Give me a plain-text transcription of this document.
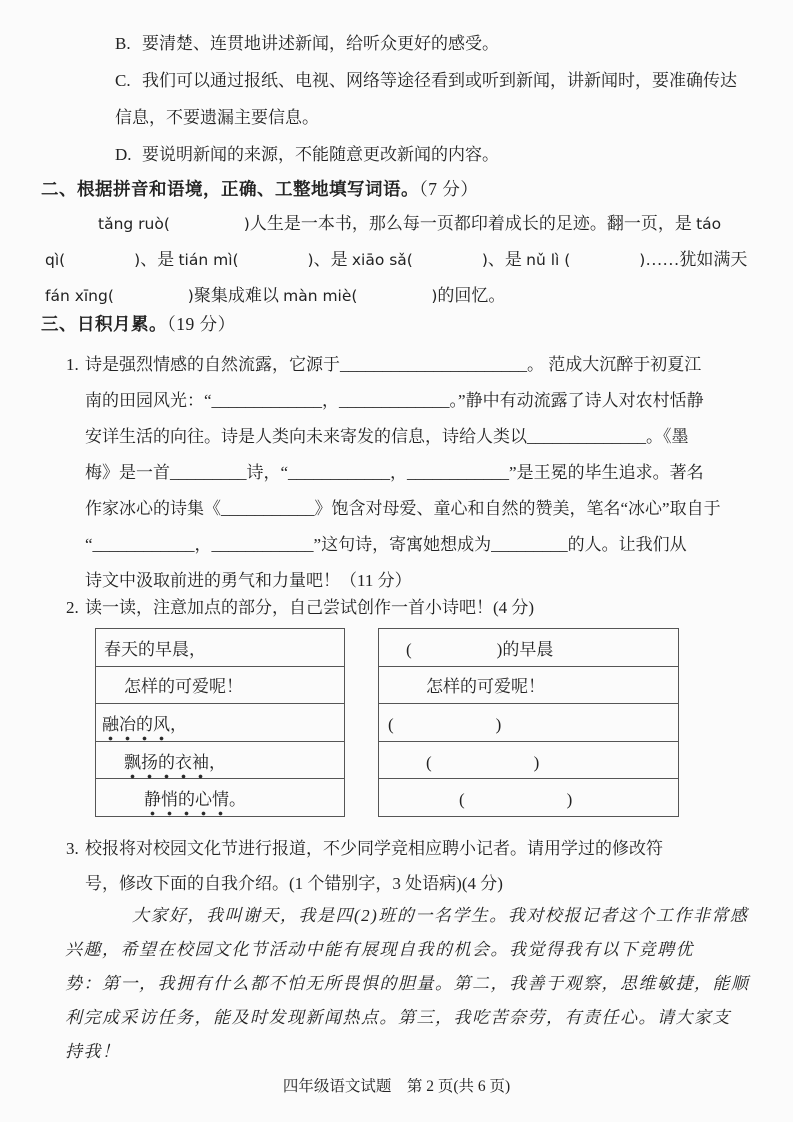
B. 要清楚、连贯地讲述新闻，给听众更好的感受。
C. 我们可以通过报纸、电视、网络等途径看到或听到新闻，讲新闻时，要准确传达
信息，不要遗漏主要信息。
D. 要说明新闻的来源，不能随意更改新闻的内容。
二、根据拼音和语境，正确、工整地填写词语。（7 分）
tǎng ruò(               )人生是一本书，那么每一页都印着成长的足迹。翻一页，是 táo
qì(              )、是 tián mì(              )、是 xiāo sǎ(              )、是 nǔ lì (              )……犹如满天
fán xīng(               )聚集成难以 màn miè(               )的回忆。
三、日积月累。（19 分）
1. 诗是强烈情感的自然流露，它源于______________________。 范成大沉醉于初夏江
南的田园风光：“_____________，_____________。”静中有动流露了诗人对农村恬静
安详生活的向往。诗是人类向未来寄发的信息，诗给人类以______________。《墨
梅》是一首_________诗，“____________，____________”是王冕的毕生追求。著名
作家冰心的诗集《___________》饱含对母爱、童心和自然的赞美，笔名“冰心”取自于
“____________，____________”这句诗，寄寓她想成为_________的人。让我们从
诗文中汲取前进的勇气和力量吧！（11 分）
2. 读一读，注意加点的部分，自己尝试创作一首小诗吧！(4 分)
春天的早晨，
怎样的可爱呢！
融冶的风 ，
飘扬的衣袖 ，
静悄的心情 。
(　　　　　)的早晨
怎样的可爱呢！
(　　　　　　)
(　　　　　　)
(　　　　　　)
3. 校报将对校园文化节进行报道，不少同学竞相应聘小记者。请用学过的修改符
号，修改下面的自我介绍。(1 个错别字，3 处语病)(4 分)
大家好，我叫谢天，我是四(2)班的一名学生。我对校报记者这个工作非常感
兴趣，希望在校园文化节活动中能有展现自我的机会。我觉得我有以下竞聘优
势：第一，我拥有什么都不怕无所畏惧的胆量。第二，我善于观察，思维敏捷，能顺
利完成采访任务，能及时发现新闻热点。第三，我吃苦奈劳，有责任心。请大家支
持我！
四年级语文试题　第 2 页(共 6 页)
